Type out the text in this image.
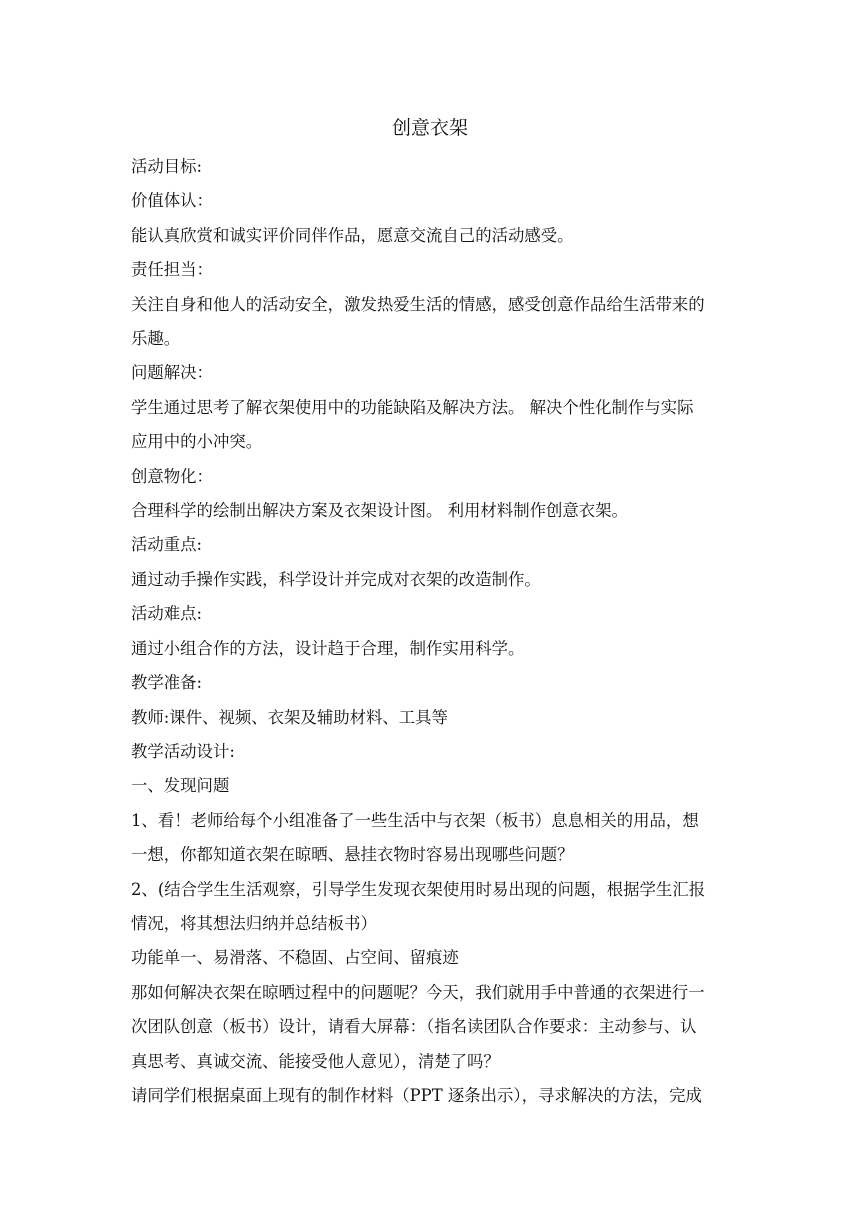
创意衣架

活动目标:

价值体认：

能认真欣赏和诚实评价同伴作品，愿意交流自己的活动感受。

责任担当：

关注自身和他人的活动安全，激发热爱生活的情感，感受创意作品给生活带来的

乐趣。

问题解决：

学生通过思考了解衣架使用中的功能缺陷及解决方法。 解决个性化制作与实际

应用中的小冲突。

创意物化：

合理科学的绘制出解决方案及衣架设计图。 利用材料制作创意衣架。

活动重点:

通过动手操作实践，科学设计并完成对衣架的改造制作。

活动难点:

通过小组合作的方法，设计趋于合理，制作实用科学。

教学准备:

教师:课件、视频、衣架及辅助材料、工具等

教学活动设计:

一、发现问题

1、看！老师给每个小组准备了一些生活中与衣架（板书）息息相关的用品，想

一想，你都知道衣架在晾晒、悬挂衣物时容易出现哪些问题？

2、(结合学生生活观察，引导学生发现衣架使用时易出现的问题，根据学生汇报

情况，将其想法归纳并总结板书）

功能单一、易滑落、不稳固、占空间、留痕迹

那如何解决衣架在晾晒过程中的问题呢？今天，我们就用手中普通的衣架进行一

次团队创意（板书）设计，请看大屏幕：（指名读团队合作要求：主动参与、认

真思考、真诚交流、能接受他人意见），清楚了吗？

请同学们根据桌面上现有的制作材料（PPT 逐条出示），寻求解决的方法，完成
